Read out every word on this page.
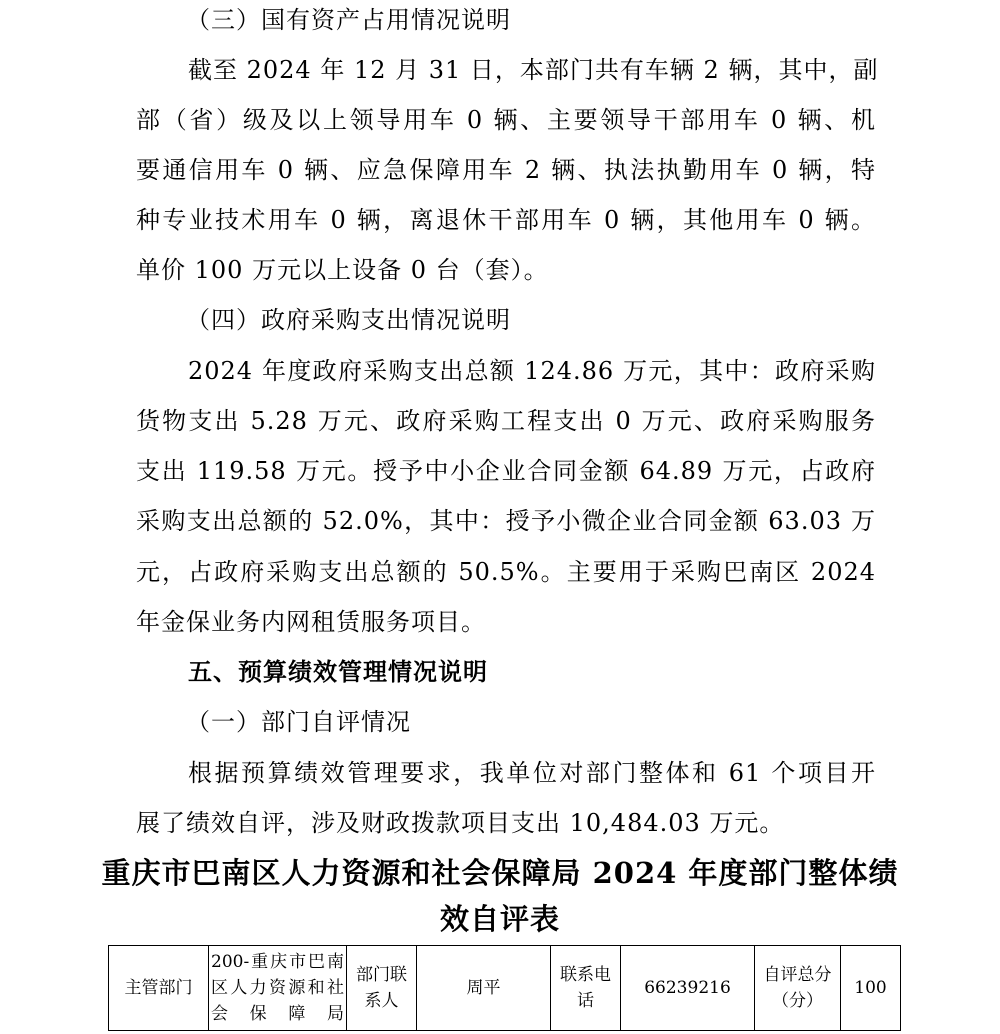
（三）国有资产占用情况说明
截至 2024 年 12 月 31 日，本部门共有车辆 2 辆，其中，副
部（省）级及以上领导用车 0 辆、主要领导干部用车 0 辆、机
要通信用车 0 辆、应急保障用车 2 辆、执法执勤用车 0 辆，特
种专业技术用车 0 辆，离退休干部用车 0 辆，其他用车 0 辆。
单价 100 万元以上设备 0 台（套）。
（四）政府采购支出情况说明
2024 年度政府采购支出总额 124.86 万元，其中：政府采购
货物支出 5.28 万元、政府采购工程支出 0 万元、政府采购服务
支出 119.58 万元。授予中小企业合同金额 64.89 万元，占政府
采购支出总额的 52.0%，其中：授予小微企业合同金额 63.03 万
元，占政府采购支出总额的 50.5%。主要用于采购巴南区 2024
年金保业务内网租赁服务项目。
五、预算绩效管理情况说明
（一）部门自评情况
根据预算绩效管理要求，我单位对部门整体和 61 个项目开
展了绩效自评，涉及财政拨款项目支出 10,484.03 万元。
重庆市巴南区人力资源和社会保障局 2024 年度部门整体绩
效自评表
主管部门	200-重庆市巴南区人力资源和社会保障局	部门联系人	周平	联系电话	66239216	自评总分（分）	100
